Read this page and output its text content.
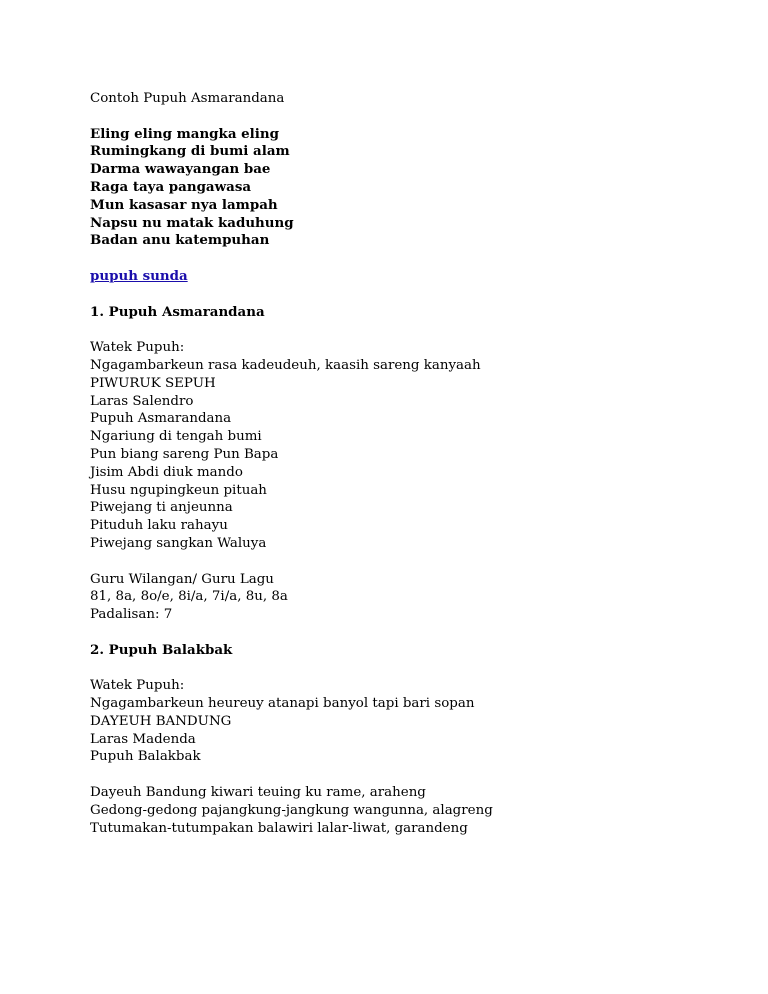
Contoh Pupuh Asmarandana
Eling eling mangka eling
Rumingkang di bumi alam
Darma wawayangan bae
Raga taya pangawasa
Mun kasasar nya lampah
Napsu nu matak kaduhung
Badan anu katempuhan
pupuh sunda
1. Pupuh Asmarandana
Watek Pupuh:
Ngagambarkeun rasa kadeudeuh, kaasih sareng kanyaah
PIWURUK SEPUH
Laras Salendro
Pupuh Asmarandana
Ngariung di tengah bumi
Pun biang sareng Pun Bapa
Jisim Abdi diuk mando
Husu ngupingkeun pituah
Piwejang ti anjeunna
Pituduh laku rahayu
Piwejang sangkan Waluya
Guru Wilangan/ Guru Lagu
81, 8a, 8o/e, 8i/a, 7i/a, 8u, 8a
Padalisan: 7
2. Pupuh Balakbak
Watek Pupuh:
Ngagambarkeun heureuy atanapi banyol tapi bari sopan
DAYEUH BANDUNG
Laras Madenda
Pupuh Balakbak
Dayeuh Bandung kiwari teuing ku rame, araheng
Gedong-gedong pajangkung-jangkung wangunna, alagreng
Tutumakan-tutumpakan balawiri lalar-liwat, garandeng
